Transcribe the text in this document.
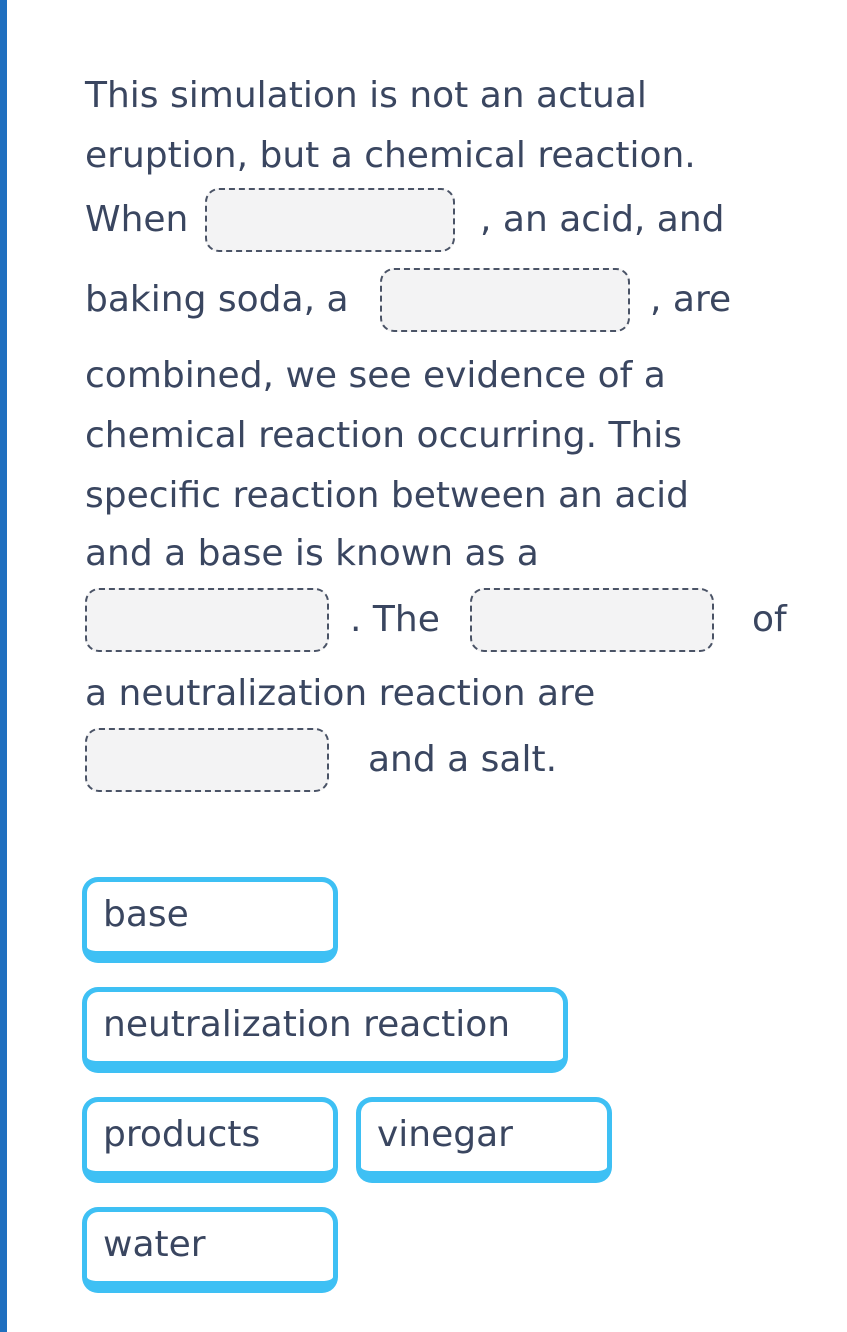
This simulation is not an actual
eruption, but a chemical reaction.
When	, an acid, and
baking soda, a	, are
combined, we see evidence of a
chemical reaction occurring. This
specific reaction between an acid
and a base is known as a
. The	of
a neutralization reaction are
and a salt.
base
neutralization reaction
products	vinegar
water
